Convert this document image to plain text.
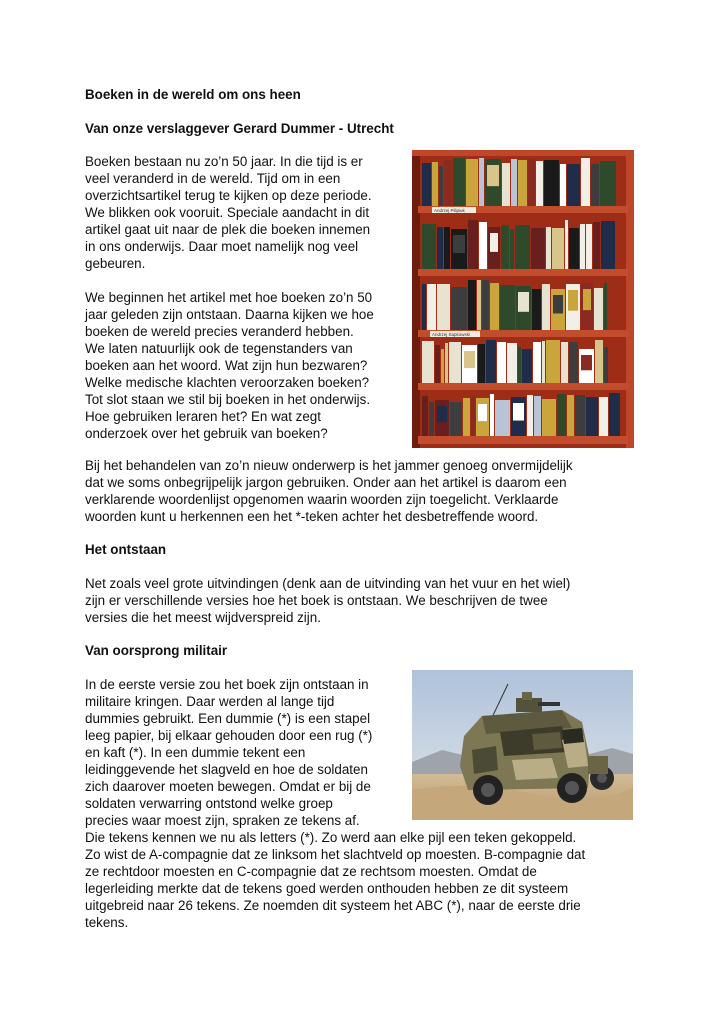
Boeken in de wereld om ons heen
Van onze verslaggever Gerard Dummer - Utrecht
Boeken bestaan nu zo’n 50 jaar. In die tijd is er
veel veranderd in de wereld. Tijd om in een
overzichtsartikel terug te kijken op deze periode.
We blikken ook vooruit. Speciale aandacht in dit
artikel gaat uit naar de plek die boeken innemen
in ons onderwijs. Daar moet namelijk nog veel
gebeuren.
We beginnen het artikel met hoe boeken zo’n 50
jaar geleden zijn ontstaan. Daarna kijken we hoe
boeken de wereld precies veranderd hebben.
We laten natuurlijk ook de tegenstanders van
boeken aan het woord. Wat zijn hun bezwaren?
Welke medische klachten veroorzaken boeken?
Tot slot staan we stil bij boeken in het onderwijs.
Hoe gebruiken leraren het? En wat zegt
onderzoek over het gebruik van boeken?
Bij het behandelen van zo’n nieuw onderwerp is het jammer genoeg onvermijdelijk
dat we soms onbegrijpelijk jargon gebruiken. Onder aan het artikel is daarom een
verklarende woordenlijst opgenomen waarin woorden zijn toegelicht. Verklaarde
woorden kunt u herkennen een het *-teken achter het desbetreffende woord.
Het ontstaan
Net zoals veel grote uitvindingen (denk aan de uitvinding van het vuur en het wiel)
zijn er verschillende versies hoe het boek is ontstaan. We beschrijven de twee
versies die het meest wijdverspreid zijn.
Van oorsprong militair
In de eerste versie zou het boek zijn ontstaan in
militaire kringen. Daar werden al lange tijd
dummies gebruikt. Een dummie (*) is een stapel
leeg papier, bij elkaar gehouden door een rug (*)
en kaft (*). In een dummie tekent een
leidinggevende het slagveld en hoe de soldaten
zich daarover moeten bewegen. Omdat er bij de
soldaten verwarring ontstond welke groep
precies waar moest zijn, spraken ze tekens af.
Die tekens kennen we nu als letters (*). Zo werd aan elke pijl een teken gekoppeld.
Zo wist de A-compagnie dat ze linksom het slachtveld op moesten. B-compagnie dat
ze rechtdoor moesten en C-compagnie dat ze rechtsom moesten. Omdat de
legerleiding merkte dat de tekens goed werden onthouden hebben ze dit systeem
uitgebreid naar 26 tekens. Ze noemden dit systeem het ABC (*), naar de eerste drie
tekens.
Andrzej Pilipiuk
Andrzej Sapkowski
